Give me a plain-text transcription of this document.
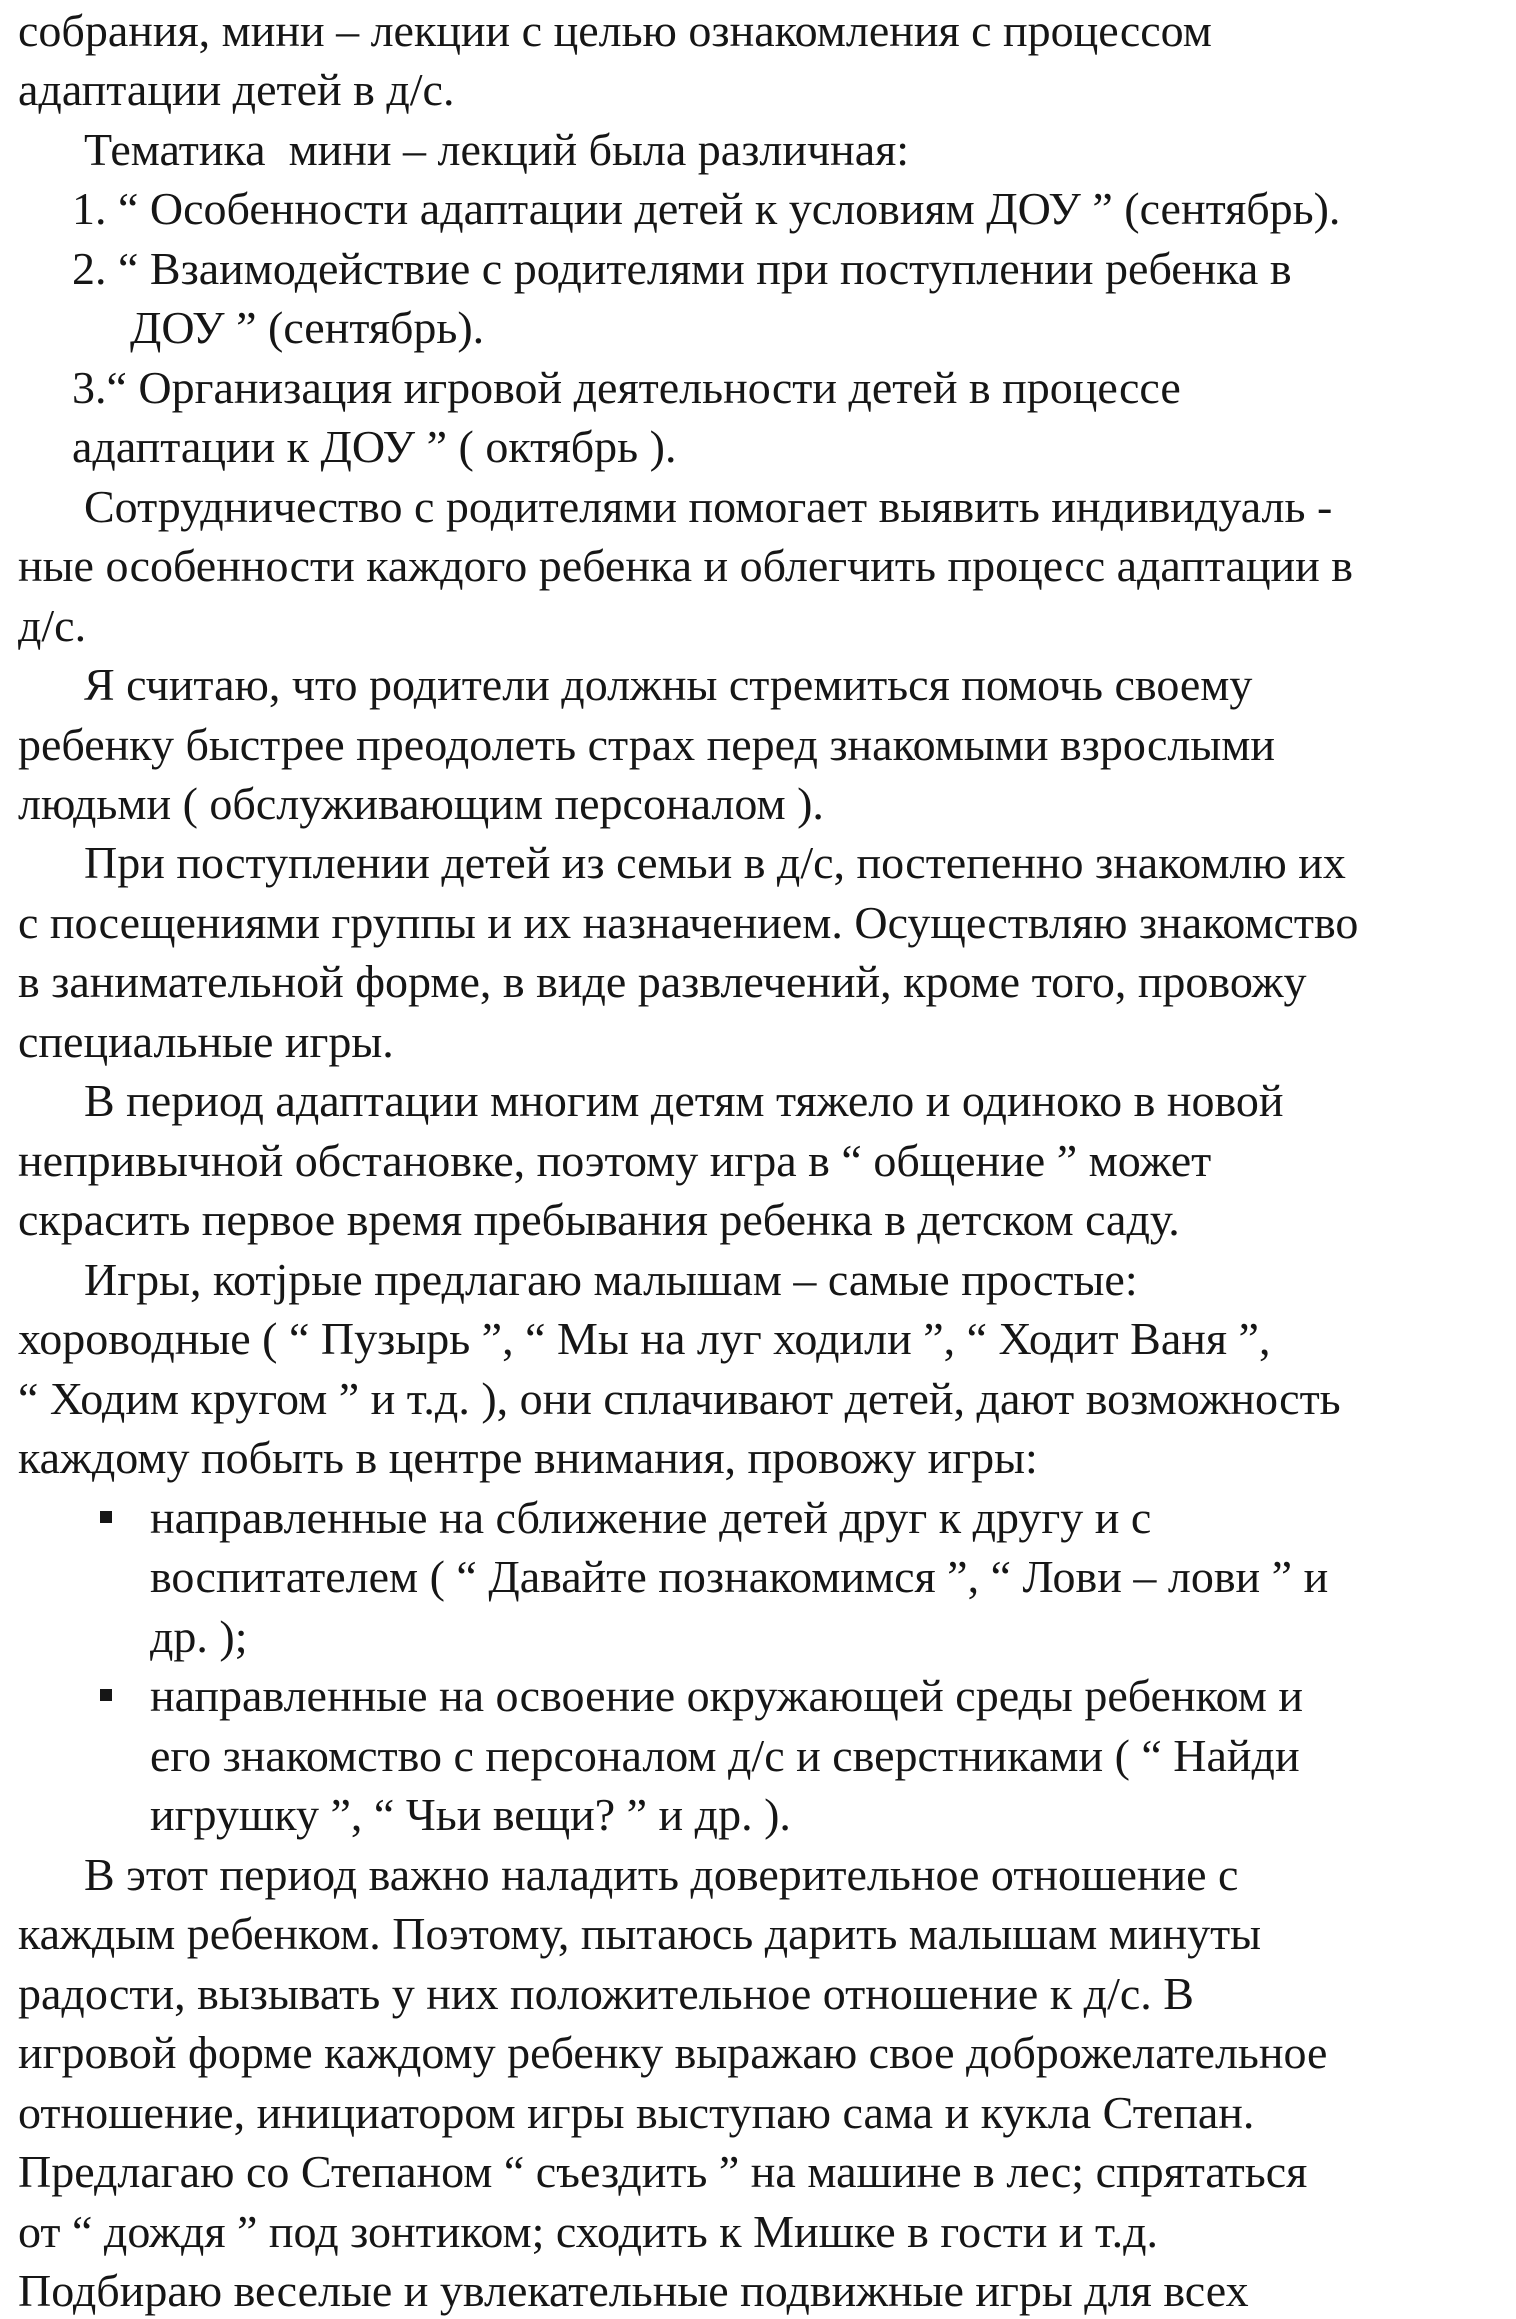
собрания, мини – лекции с целью ознакомления с процессом

адаптации детей в д/с.

Тематика  мини – лекций была различная:

1. “ Особенности адаптации детей к условиям ДОУ ” (сентябрь).

2. “ Взаимодействие с родителями при поступлении ребенка в

ДОУ ” (сентябрь).

3.“ Организация игровой деятельности детей в процессе

адаптации к ДОУ ” ( октябрь ).

Сотрудничество с родителями помогает выявить индивидуаль -

ные особенности каждого ребенка и облегчить процесс адаптации в

д/с.

Я считаю, что родители должны стремиться помочь своему

ребенку быстрее преодолеть страх перед знакомыми взрослыми

людьми ( обслуживающим персоналом ).

При поступлении детей из семьи в д/с, постепенно знакомлю их

с посещениями группы и их назначением. Осуществляю знакомство

в занимательной форме, в виде развлечений, кроме того, провожу

специальные игры.

В период адаптации многим детям тяжело и одиноко в новой

непривычной обстановке, поэтому игра в “ общение ” может

скрасить первое время пребывания ребенка в детском саду.

Игры, котјрые предлагаю малышам – самые простые:

хороводные ( “ Пузырь ”, “ Мы на луг ходили ”, “ Ходит Ваня ”,

“ Ходим кругом ” и т.д. ), они сплачивают детей, дают возможность

каждому побыть в центре внимания, провожу игры:

направленные на сближение детей друг к другу и с

воспитателем ( “ Давайте познакомимся ”, “ Лови – лови ” и

др. );

направленные на освоение окружающей среды ребенком и

его знакомство с персоналом д/с и сверстниками ( “ Найди

игрушку ”, “ Чьи вещи? ” и др. ).

В этот период важно наладить доверительное отношение с

каждым ребенком. Поэтому, пытаюсь дарить малышам минуты

радости, вызывать у них положительное отношение к д/с. В

игровой форме каждому ребенку выражаю свое доброжелательное

отношение, инициатором игры выступаю сама и кукла Степан.

Предлагаю со Степаном “ съездить ” на машине в лес; спрятаться

от “ дождя ” под зонтиком; сходить к Мишке в гости и т.д.

Подбираю веселые и увлекательные подвижные игры для всех
